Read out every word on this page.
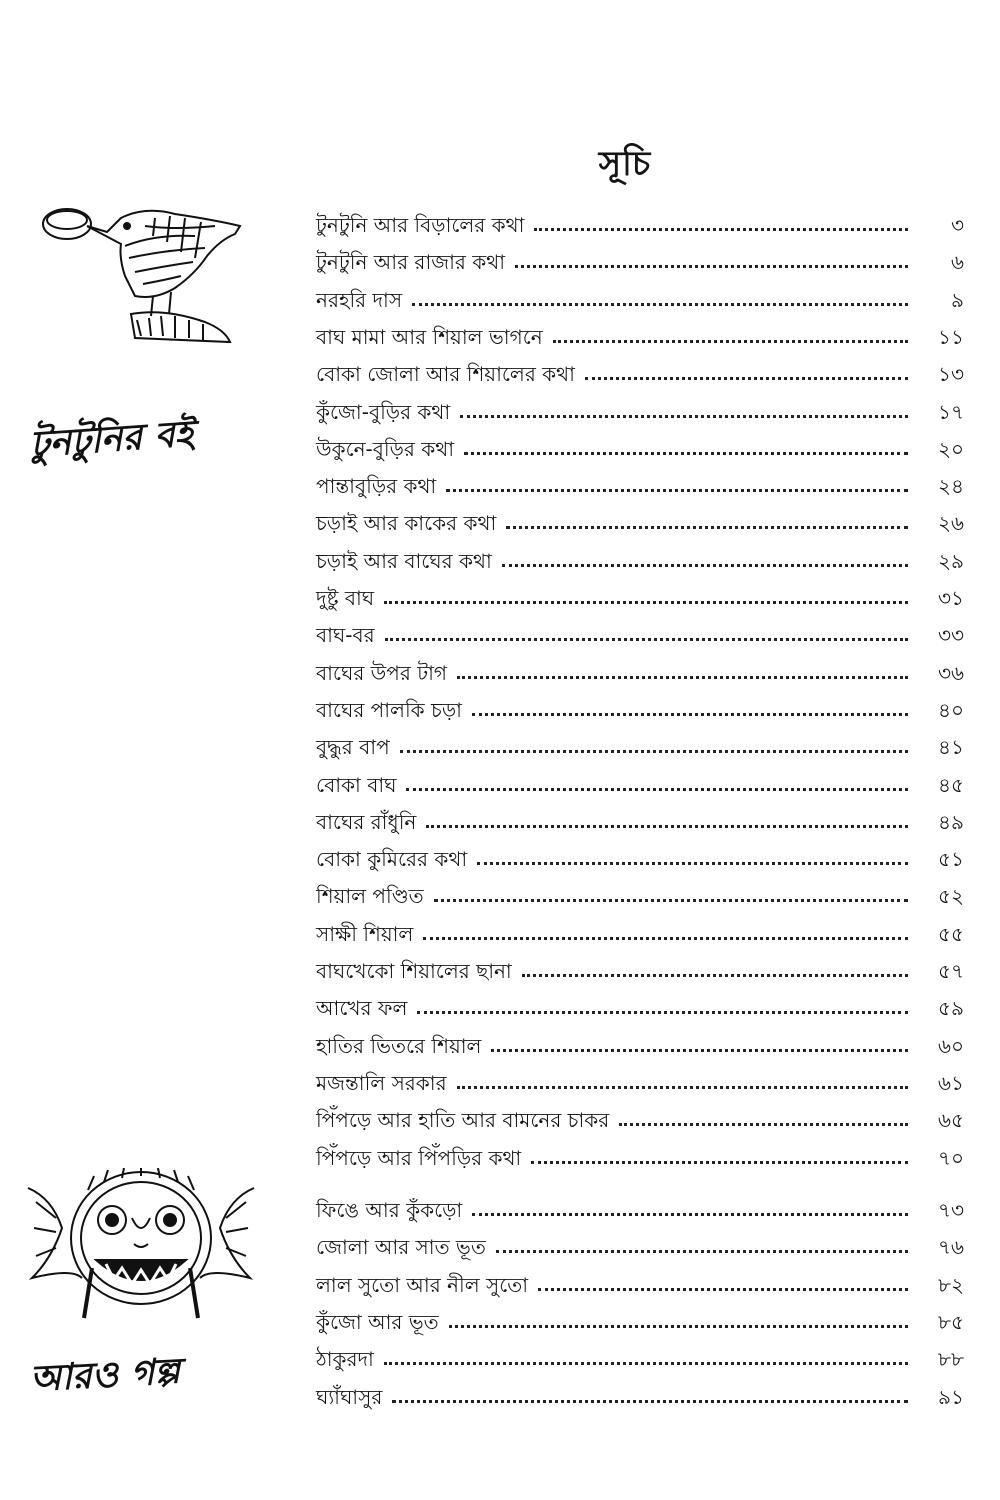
সূচি
টুনটুনির বই
আরও গল্প
টুনটুনি আর বিড়ালের কথা	৩
টুনটুনি আর রাজার কথা	৬
নরহরি দাস	৯
বাঘ মামা আর শিয়াল ভাগনে	১১
বোকা জোলা আর শিয়ালের কথা	১৩
কুঁজো-বুড়ির কথা	১৭
উকুনে-বুড়ির কথা	২০
পান্তাবুড়ির কথা	২৪
চড়াই আর কাকের কথা	২৬
চড়াই আর বাঘের কথা	২৯
দুষ্টু বাঘ	৩১
বাঘ-বর	৩৩
বাঘের উপর টাগ	৩৬
বাঘের পালকি চড়া	৪০
বুদ্ধুর বাপ	৪১
বোকা বাঘ	৪৫
বাঘের রাঁধুনি	৪৯
বোকা কুমিরের কথা	৫১
শিয়াল পণ্ডিত	৫২
সাক্ষী শিয়াল	৫৫
বাঘখেকো শিয়ালের ছানা	৫৭
আখের ফল	৫৯
হাতির ভিতরে শিয়াল	৬০
মজন্তালি সরকার	৬১
পিঁপড়ে আর হাতি আর বামনের চাকর	৬৫
পিঁপড়ে আর পিঁপড়ির কথা	৭০
ফিঙে আর কুঁকড়ো	৭৩
জোলা আর সাত ভূত	৭৬
লাল সুতো আর নীল সুতো	৮২
কুঁজো আর ভূত	৮৫
ঠাকুরদা	৮৮
ঘ্যাঁঘাসুর	৯১
